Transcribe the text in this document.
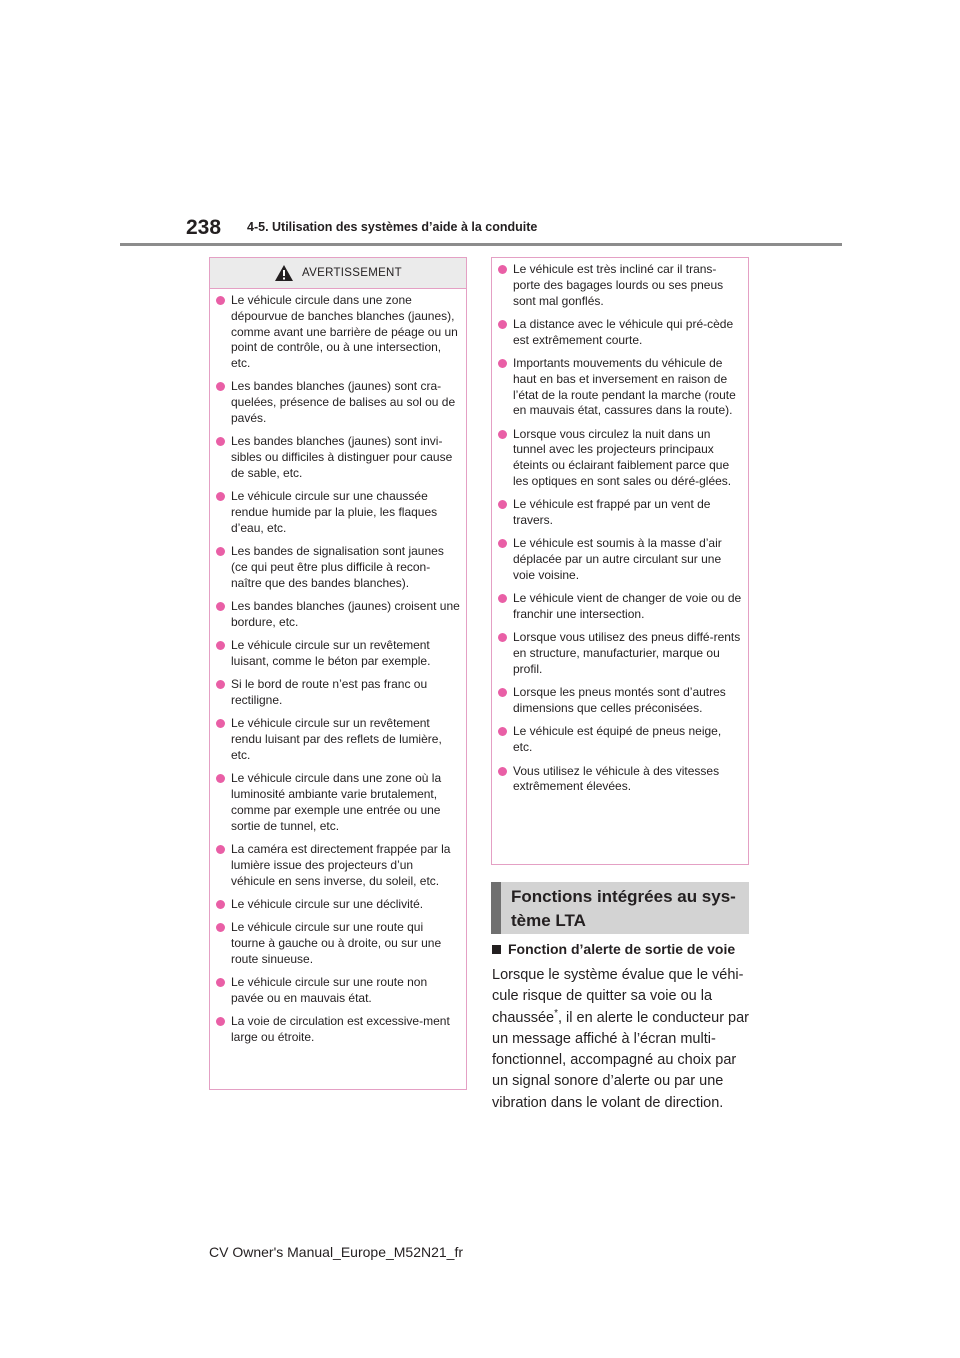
238 4-5. Utilisation des systèmes d’aide à la conduite
AVERTISSEMENT
Le véhicule circule dans une zone dépourvue de banches blanches (jaunes), comme avant une barrière de péage ou un point de contrôle, ou à une intersection, etc.
Les bandes blanches (jaunes) sont cra-quelées, présence de balises au sol ou de pavés.
Les bandes blanches (jaunes) sont invi-sibles ou difficiles à distinguer pour cause de sable, etc.
Le véhicule circule sur une chaussée rendue humide par la pluie, les flaques d’eau, etc.
Les bandes de signalisation sont jaunes (ce qui peut être plus difficile à recon-naître que des bandes blanches).
Les bandes blanches (jaunes) croisent une bordure, etc.
Le véhicule circule sur un revêtement luisant, comme le béton par exemple.
Si le bord de route n’est pas franc ou rectiligne.
Le véhicule circule sur un revêtement rendu luisant par des reflets de lumière, etc.
Le véhicule circule dans une zone où la luminosité ambiante varie brutalement, comme par exemple une entrée ou une sortie de tunnel, etc.
La caméra est directement frappée par la lumière issue des projecteurs d’un véhicule en sens inverse, du soleil, etc.
Le véhicule circule sur une déclivité.
Le véhicule circule sur une route qui tourne à gauche ou à droite, ou sur une route sinueuse.
Le véhicule circule sur une route non pavée ou en mauvais état.
La voie de circulation est excessive-ment large ou étroite.
Le véhicule est très incliné car il trans-porte des bagages lourds ou ses pneus sont mal gonflés.
La distance avec le véhicule qui pré-cède est extrêmement courte.
Importants mouvements du véhicule de haut en bas et inversement en raison de l’état de la route pendant la marche (route en mauvais état, cassures dans la route).
Lorsque vous circulez la nuit dans un tunnel avec les projecteurs principaux éteints ou éclairant faiblement parce que les optiques en sont sales ou déré-glées.
Le véhicule est frappé par un vent de travers.
Le véhicule est soumis à la masse d’air déplacée par un autre circulant sur une voie voisine.
Le véhicule vient de changer de voie ou de franchir une intersection.
Lorsque vous utilisez des pneus diffé-rents en structure, manufacturier, marque ou profil.
Lorsque les pneus montés sont d’autres dimensions que celles préconisées.
Le véhicule est équipé de pneus neige, etc.
Vous utilisez le véhicule à des vitesses extrêmement élevées.
Fonctions intégrées au sys-
tème LTA
Fonction d’alerte de sortie de voie

Lorsque le système évalue que le véhi-cule risque de quitter sa voie ou la chaussée*, il en alerte le conducteur par un message affiché à l’écran multi-fonctionnel, accompagné au choix par un signal sonore d’alerte ou par une vibration dans le volant de direction.

CV Owner's Manual_Europe_M52N21_fr
